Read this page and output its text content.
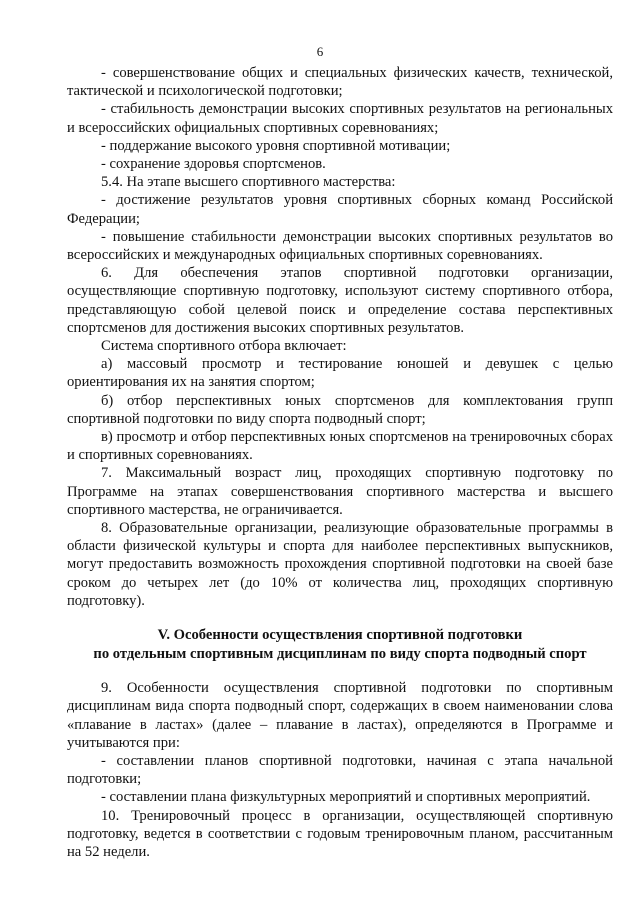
6

- совершенствование общих и специальных физических качеств, технической, тактической и психологической подготовки;

- стабильность демонстрации высоких спортивных результатов на региональных и всероссийских официальных спортивных соревнованиях;

- поддержание высокого уровня спортивной мотивации;

- сохранение здоровья спортсменов.

5.4. На этапе высшего спортивного мастерства:

- достижение результатов уровня спортивных сборных команд Российской Федерации;

- повышение стабильности демонстрации высоких спортивных результатов во всероссийских и международных официальных спортивных соревнованиях.

6. Для обеспечения этапов спортивной подготовки организации, осуществляющие спортивную подготовку, используют систему спортивного отбора, представляющую собой целевой поиск и определение состава перспективных спортсменов для достижения высоких спортивных результатов.

Система спортивного отбора включает:

а) массовый просмотр и тестирование юношей и девушек с целью ориентирования их на занятия спортом;

б) отбор перспективных юных спортсменов для комплектования групп спортивной подготовки по виду спорта подводный спорт;

в) просмотр и отбор перспективных юных спортсменов на тренировочных сборах и спортивных соревнованиях.

7. Максимальный возраст лиц, проходящих спортивную подготовку по Программе на этапах совершенствования спортивного мастерства и высшего спортивного мастерства, не ограничивается.

8. Образовательные организации, реализующие образовательные программы в области физической культуры и спорта для наиболее перспективных выпускников, могут предоставить возможность прохождения спортивной подготовки на своей базе сроком до четырех лет (до 10% от количества лиц, проходящих спортивную подготовку).

V. Особенности осуществления спортивной подготовки

по отдельным спортивным дисциплинам по виду спорта подводный спорт

9. Особенности осуществления спортивной подготовки по спортивным дисциплинам вида спорта подводный спорт, содержащих в своем наименовании слова «плавание в ластах» (далее – плавание в ластах), определяются в Программе и учитываются при:

- составлении планов спортивной подготовки, начиная с этапа начальной подготовки;

- составлении плана физкультурных мероприятий и спортивных мероприятий.

10. Тренировочный процесс в организации, осуществляющей спортивную подготовку, ведется в соответствии с годовым тренировочным планом, рассчитанным на 52 недели.
